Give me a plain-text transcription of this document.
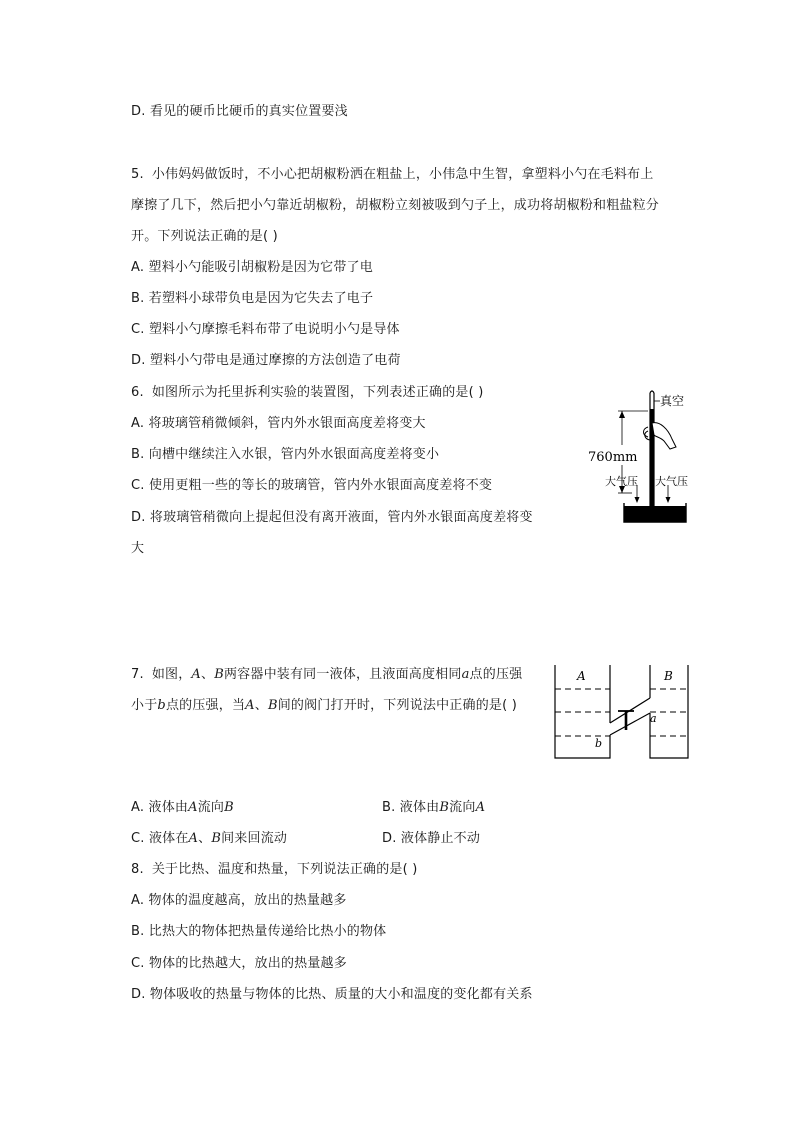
D. 看见的硬币比硬币的真实位置要浅
5. 小伟妈妈做饭时，不小心把胡椒粉洒在粗盐上，小伟急中生智，拿塑料小勺在毛料布上
摩擦了几下，然后把小勺靠近胡椒粉，胡椒粉立刻被吸到勺子上，成功将胡椒粉和粗盐粒分
开。下列说法正确的是( )
A. 塑料小勺能吸引胡椒粉是因为它带了电
B. 若塑料小球带负电是因为它失去了电子
C. 塑料小勺摩擦毛料布带了电说明小勺是导体
D. 塑料小勺带电是通过摩擦的方法创造了电荷
6. 如图所示为托里拆利实验的装置图，下列表述正确的是( )
A. 将玻璃管稍微倾斜，管内外水银面高度差将变大
B. 向槽中继续注入水银，管内外水银面高度差将变小
C. 使用更粗一些的等长的玻璃管，管内外水银面高度差将不变
D. 将玻璃管稍微向上提起但没有离开液面，管内外水银面高度差将变
大
真空
760mm
大气压 大气压
7. 如图，A、B两容器中装有同一液体，且液面高度相同a点的压强
小于b点的压强，当A、B间的阀门打开时，下列说法中正确的是( )
A	B
a
b
A. 液体由A流向B	B. 液体由B流向A
C. 液体在A、B间来回流动	D. 液体静止不动
8. 关于比热、温度和热量，下列说法正确的是( )
A. 物体的温度越高，放出的热量越多
B. 比热大的物体把热量传递给比热小的物体
C. 物体的比热越大，放出的热量越多
D. 物体吸收的热量与物体的比热、质量的大小和温度的变化都有关系
